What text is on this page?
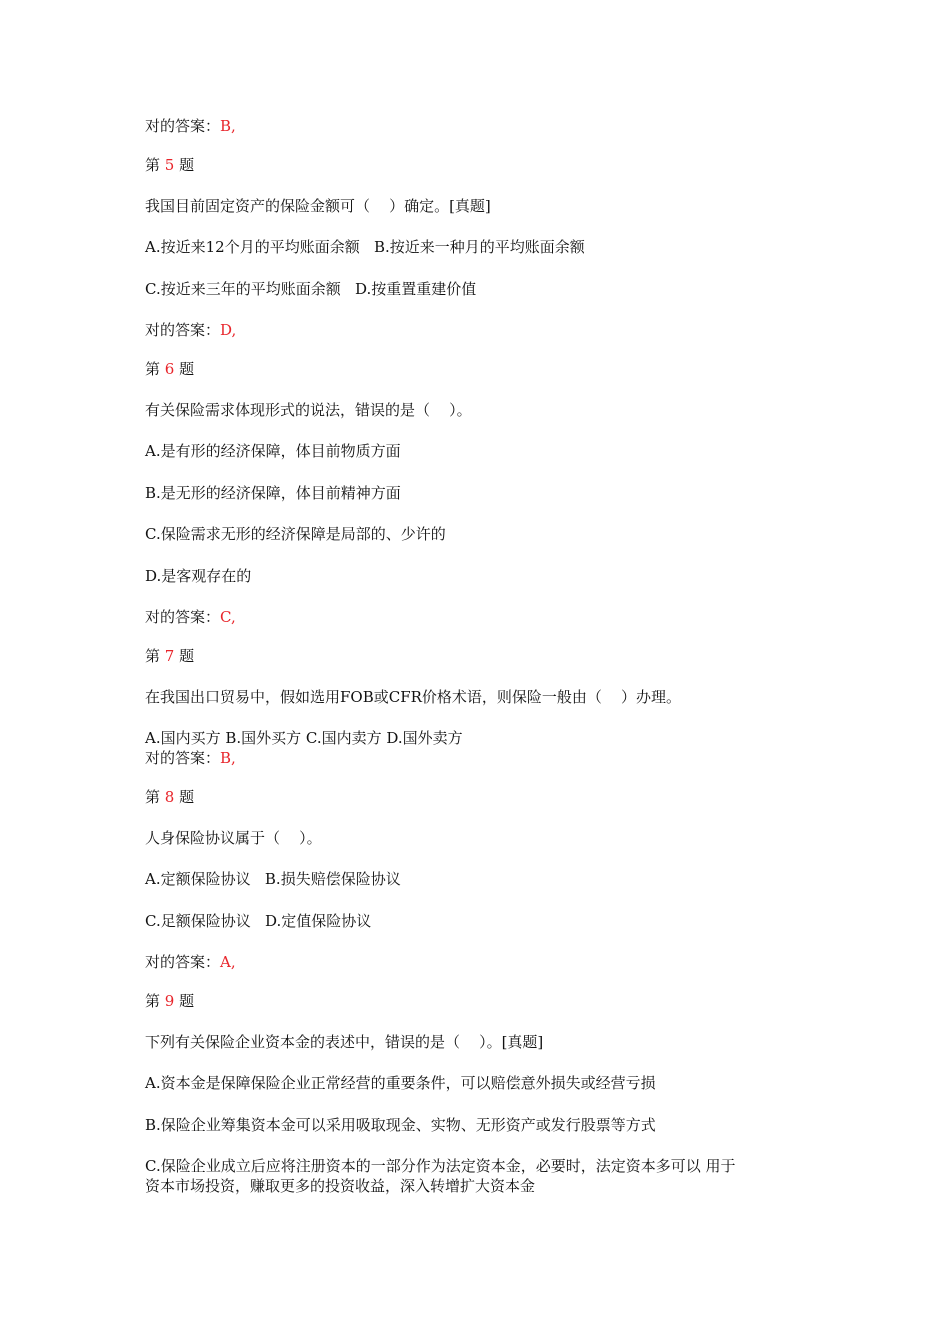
对的答案：B,
第 5 题
我国目前固定资产的保险金额可（    ）确定。[真题]
A.按近来12个月的平均账面余额   B.按近来一种月的平均账面余额
C.按近来三年的平均账面余额   D.按重置重建价值
对的答案：D,
第 6 题
有关保险需求体现形式的说法，错误的是（    ）。
A.是有形的经济保障，体目前物质方面
B.是无形的经济保障，体目前精神方面
C.保险需求无形的经济保障是局部的、少许的
D.是客观存在的
对的答案：C,
第 7 题
在我国出口贸易中，假如选用FOB或CFR价格术语，则保险一般由（    ）办理。
A.国内买方 B.国外买方 C.国内卖方 D.国外卖方
对的答案：B,
第 8 题
人身保险协议属于（    ）。
A.定额保险协议   B.损失赔偿保险协议
C.足额保险协议   D.定值保险协议
对的答案：A,
第 9 题
下列有关保险企业资本金的表述中，错误的是（    ）。[真题]
A.资本金是保障保险企业正常经营的重要条件，可以赔偿意外损失或经营亏损
B.保险企业筹集资本金可以采用吸取现金、实物、无形资产或发行股票等方式
C.保险企业成立后应将注册资本的一部分作为法定资本金，必要时，法定资本多可以 用于
资本市场投资，赚取更多的投资收益，深入转增扩大资本金
